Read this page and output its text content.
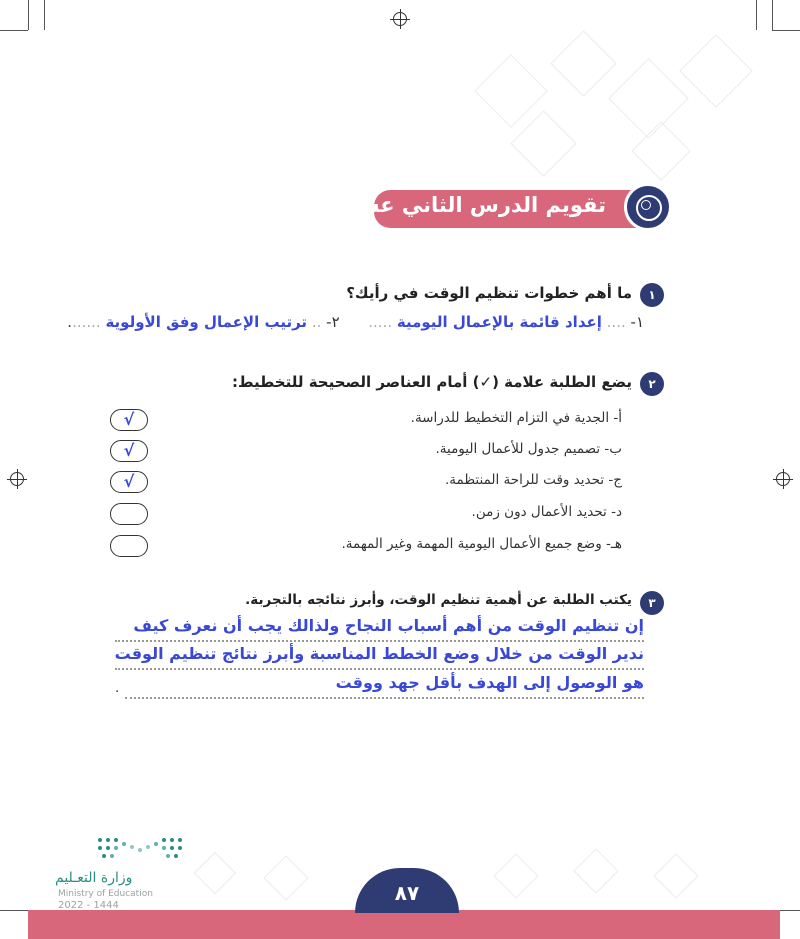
تقويم الدرس الثاني عشر
١
ما أهم خطوات تنظيم الوقت في رأيك؟
١- .... إعداد قائمة بالإعمال اليومية .....      ٢- .. ترتيب الإعمال وفق الأولوية .......
٢
يضع الطلبة علامة (✓) أمام العناصر الصحيحة للتخطيط:
أ- الجدية في التزام التخطيط للدراسة.
ب- تصميم جدول للأعمال اليومية.
ج- تحديد وقت للراحة المنتظمة.
د- تحديد الأعمال دون زمن.
هـ- وضع جميع الأعمال اليومية المهمة وغير المهمة.
√
√
√
٣
يكتب الطلبة عن أهمية تنظيم الوقت، وأبرز نتائجه بالتجربة.
إن تنظيم الوقت من أهم أسباب النجاح ولذالك يجب أن نعرف كيف
ندير الوقت من خلال وضع الخطط المناسبة وأبرز نتائج تنظيم الوقت
هو الوصول إلى الهدف بأقل جهد ووقت
.
٨٧
وزارة التعـليم
Ministry of Education
2022 - 1444
